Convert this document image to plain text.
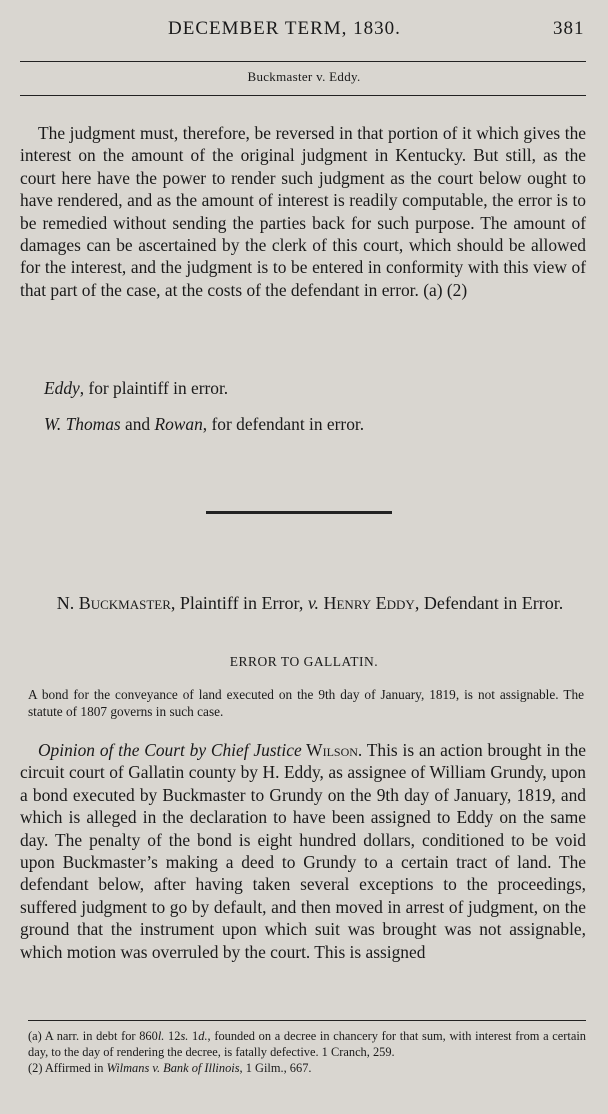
DECEMBER TERM, 1830.	381
Buckmaster v. Eddy.

The judgment must, therefore, be reversed in that portion of it which gives the interest on the amount of the original judgment in Kentucky. But still, as the court here have the power to render such judgment as the court below ought to have rendered, and as the amount of interest is readily computable, the error is to be remedied without sending the parties back for such purpose. The amount of damages can be ascertained by the clerk of this court, which should be allowed for the interest, and the judgment is to be entered in conformity with this view of that part of the case, at the costs of the defendant in error. (a) (2)

Eddy, for plaintiff in error.
W. Thomas and Rowan, for defendant in error.
N. Buckmaster, Plaintiff in Error, v. Henry Eddy, Defendant in Error.
ERROR TO GALLATIN.
A bond for the conveyance of land executed on the 9th day of January, 1819, is not assignable. The statute of 1807 governs in such case.

Opinion of the Court by Chief Justice Wilson. This is an action brought in the circuit court of Gallatin county by H. Eddy, as assignee of William Grundy, upon a bond executed by Buckmaster to Grundy on the 9th day of January, 1819, and which is alleged in the declaration to have been assigned to Eddy on the same day. The penalty of the bond is eight hundred dollars, conditioned to be void upon Buckmaster’s making a deed to Grundy to a certain tract of land. The defendant below, after having taken several exceptions to the proceedings, suffered judgment to go by default, and then moved in arrest of judgment, on the ground that the instrument upon which suit was brought was not assignable, which motion was overruled by the court. This is assigned

(a) A narr. in debt for 860l. 12s. 1d., founded on a decree in chancery for that sum, with interest from a certain day, to the day of rendering the decree, is fatally defective. 1 Cranch, 259.

(2) Affirmed in Wilmans v. Bank of Illinois, 1 Gilm., 667.
